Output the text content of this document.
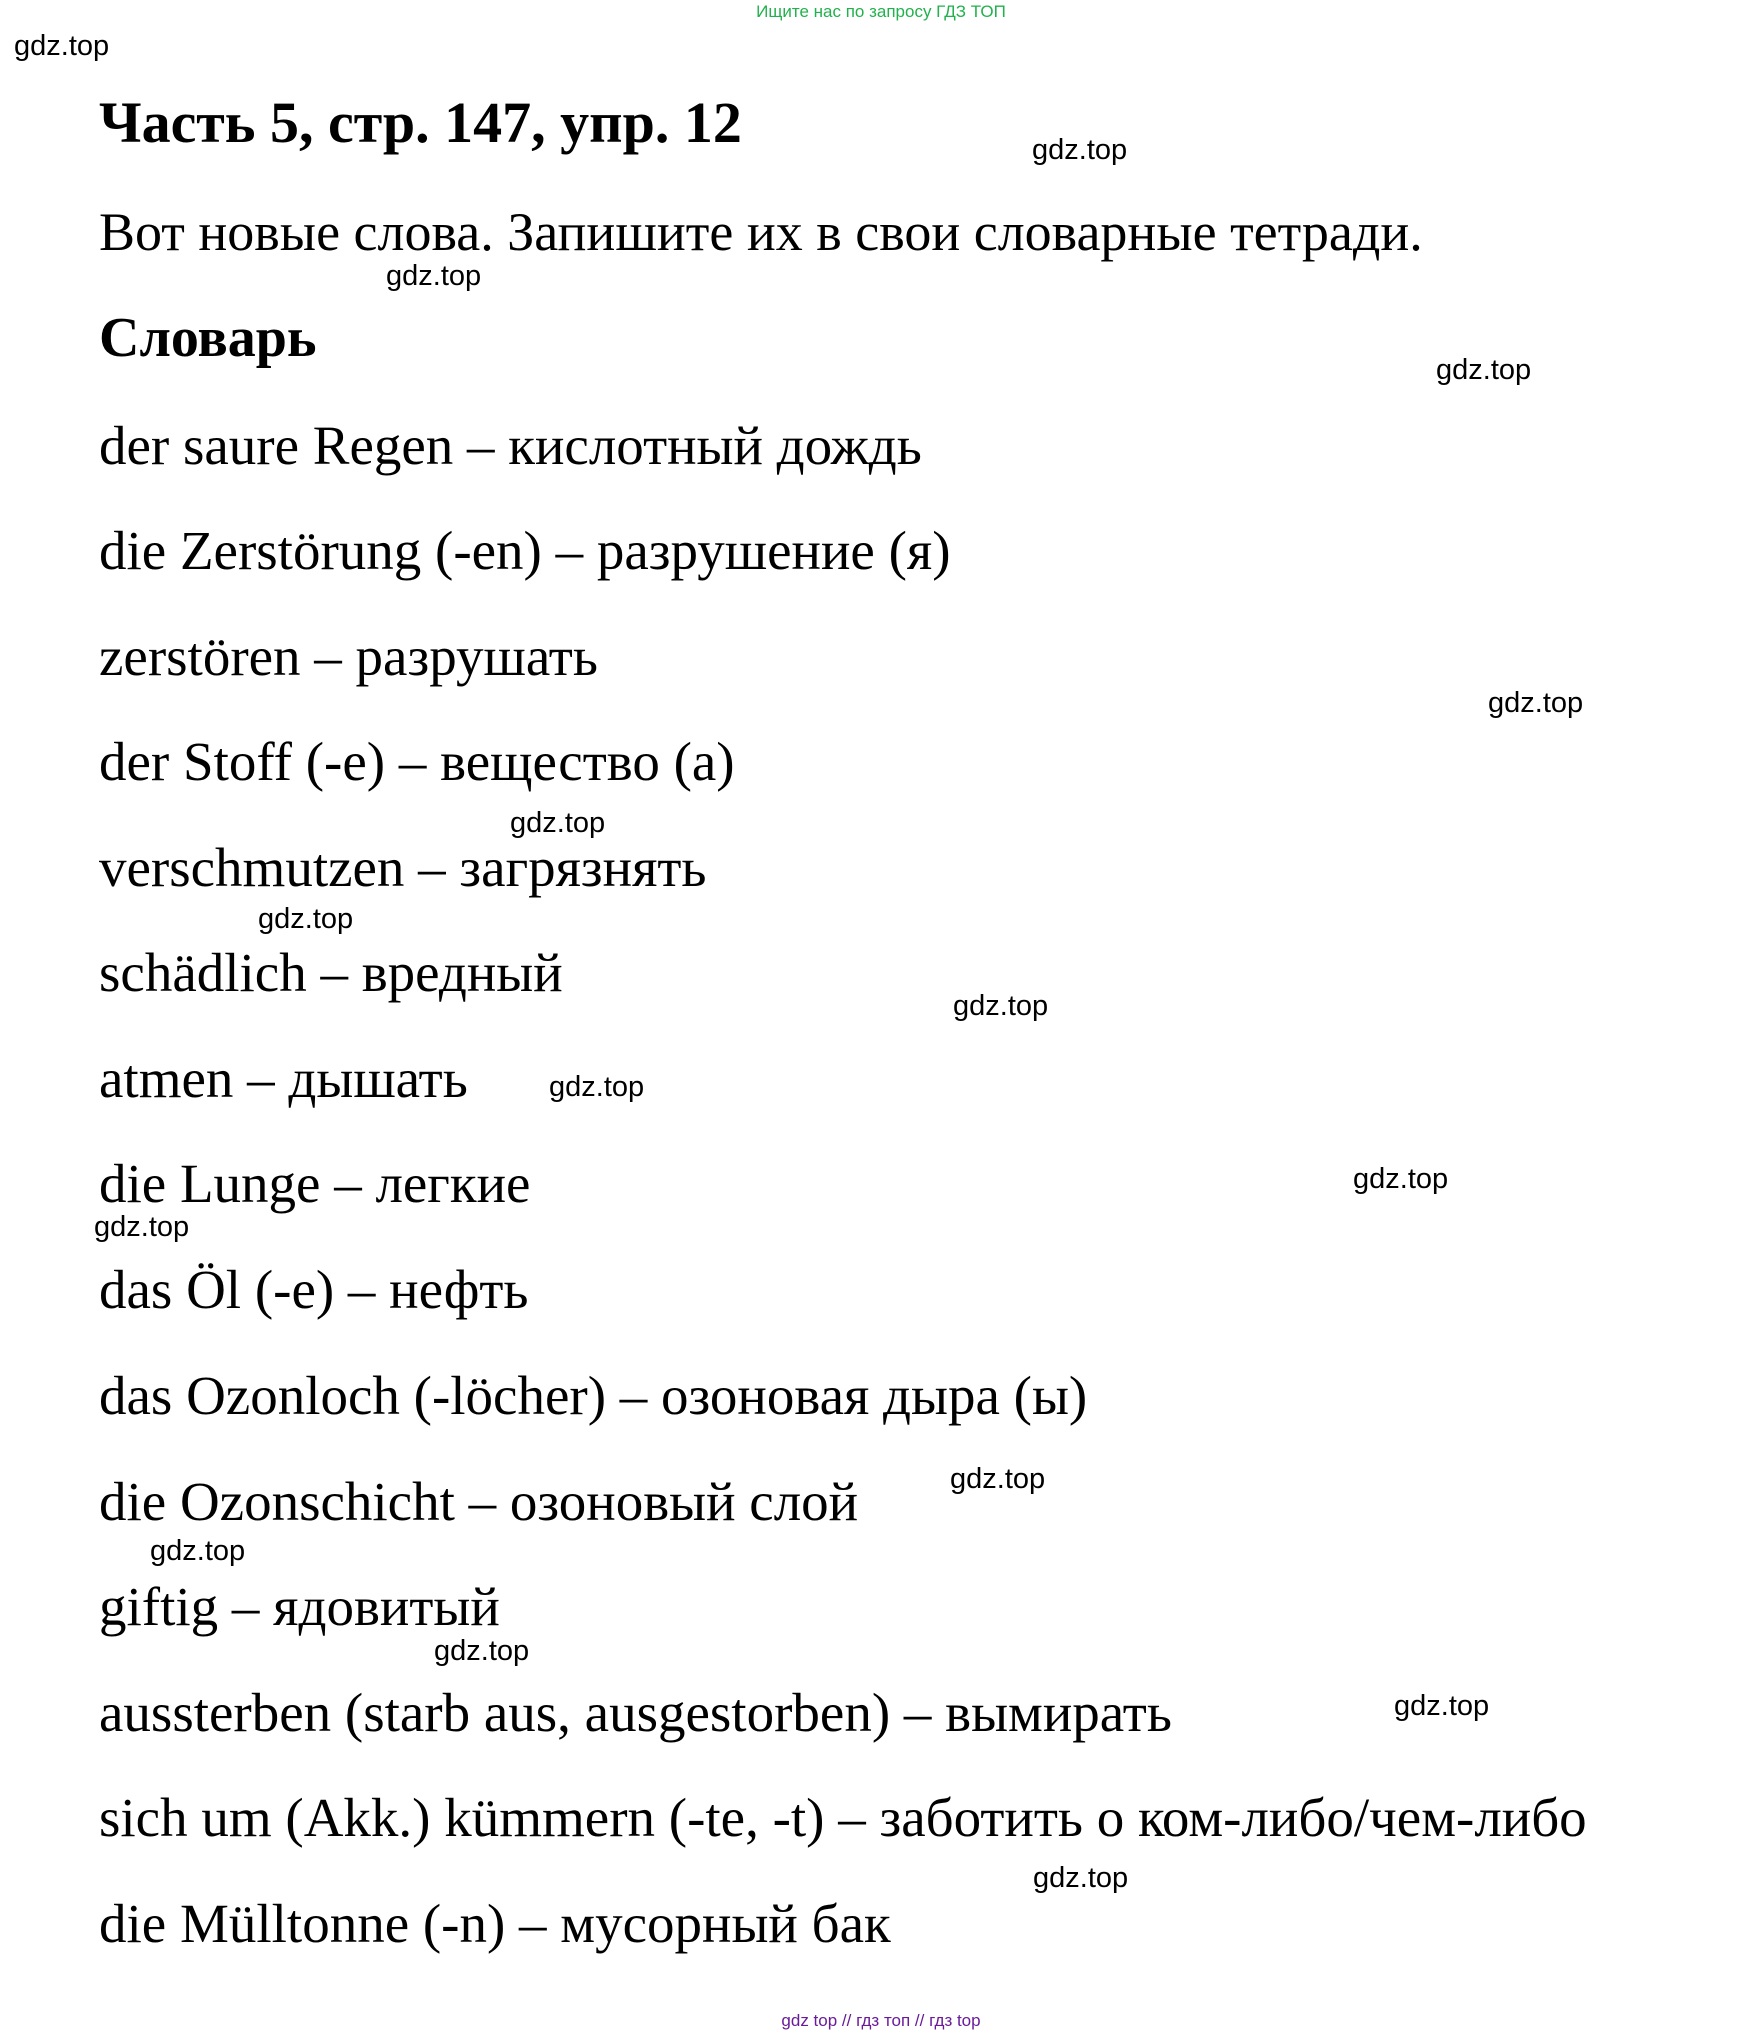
Ищите нас по запросу ГДЗ ТОП
gdz.top
Часть 5, стр. 147, упр. 12	gdz.top
Вот новые слова. Запишите их в свои словарные тетради.
gdz.top
Словарь
gdz.top
der saure Regen – кислотный дождь
die Zerstörung (-en) – разрушение (я)
zerstören – разрушать
gdz.top
der Stoff (-e) – вещество (а)
gdz.top
verschmutzen – загрязнять
gdz.top
schädlich – вредный
gdz.top
atmen – дышать	gdz.top
gdz.top
die Lunge – легкие
gdz.top
das Öl (-e) – нефть
das Ozonloch (-löcher) – озоновая дыра (ы)
die Ozonschicht – озоновый слой	gdz.top
gdz.top
giftig – ядовитый
gdz.top
aussterben (starb aus, ausgestorben) – вымирать	gdz.top
sich um (Akk.) kümmern (-te, -t) – заботить о ком-либо/чем-либо
gdz.top
die Mülltonne (-n) – мусорный бак
gdz top // гдз топ // гдз top
